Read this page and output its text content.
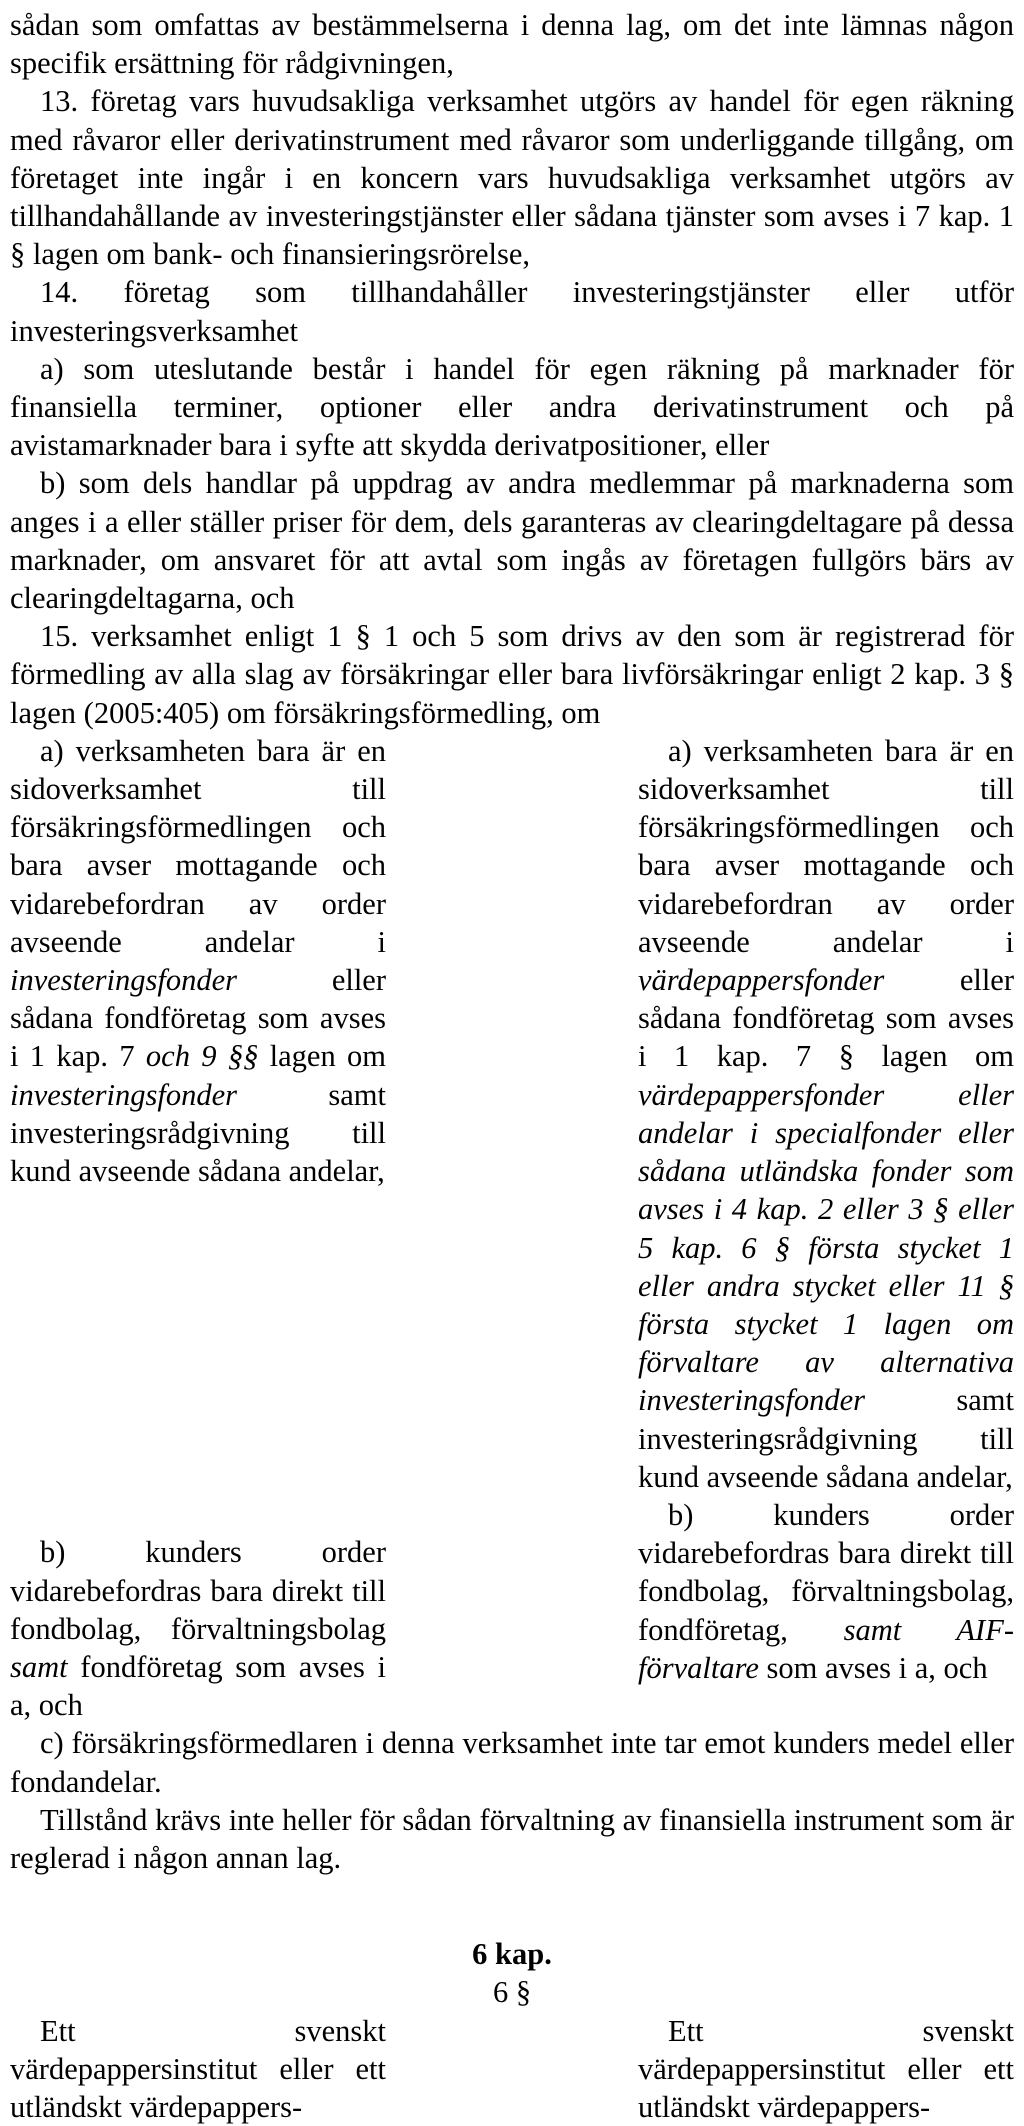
sådan som omfattas av bestämmelserna i denna lag, om det inte lämnas någon specifik ersättning för rådgivningen,

13. företag vars huvudsakliga verksamhet utgörs av handel för egen räkning med råvaror eller derivatinstrument med råvaror som underliggande tillgång, om företaget inte ingår i en koncern vars huvudsakliga verksamhet utgörs av tillhandahållande av investeringstjänster eller sådana tjänster som avses i 7 kap. 1 § lagen om bank- och finansieringsrörelse,

14. företag som tillhandahåller investeringstjänster eller utför investeringsverksamhet

a) som uteslutande består i handel för egen räkning på marknader för finansiella terminer, optioner eller andra derivatinstrument och på avistamarknader bara i syfte att skydda derivatpositioner, eller

b) som dels handlar på uppdrag av andra medlemmar på marknaderna som anges i a eller ställer priser för dem, dels garanteras av clearingdeltagare på dessa marknader, om ansvaret för att avtal som ingås av företagen fullgörs bärs av clearingdeltagarna, och

15. verksamhet enligt 1 § 1 och 5 som drivs av den som är registrerad för förmedling av alla slag av försäkringar eller bara livförsäkringar enligt 2 kap. 3 § lagen (2005:405) om försäkringsförmedling, om

a) verksamheten bara är en sidoverksamhet till försäkringsförmedlingen och bara avser mottagande och vidarebefordran av order avseende andelar i investeringsfonder eller sådana fondföretag som avses i 1 kap. 7 och 9 §§ lagen om investeringsfonder samt investeringsrådgivning till kund avseende sådana andelar,

b) kunders order vidarebefordras bara direkt till fondbolag, förvaltningsbolag samt fondföretag som avses i a, och

a) verksamheten bara är en sidoverksamhet till försäkringsförmedlingen och bara avser mottagande och vidarebefordran av order avseende andelar i värdepappersfonder eller sådana fondföretag som avses i 1 kap. 7 § lagen om värdepappersfonder eller andelar i specialfonder eller sådana utländska fonder som avses i 4 kap. 2 eller 3 § eller 5 kap. 6 § första stycket 1 eller andra stycket eller 11 § första stycket 1 lagen om förvaltare av alternativa investeringsfonder samt investeringsrådgivning till kund avseende sådana andelar,

b) kunders order vidarebefordras bara direkt till fondbolag, förvaltningsbolag, fondföretag, samt AIF-förvaltare som avses i a, och

c) försäkringsförmedlaren i denna verksamhet inte tar emot kunders medel eller fondandelar.

Tillstånd krävs inte heller för sådan förvaltning av finansiella instrument som är reglerad i någon annan lag.

6 kap.
6 §

Ett svenskt värdepappersinstitut eller ett utländskt värdepappers-

Ett svenskt värdepappersinstitut eller ett utländskt värdepappers-
